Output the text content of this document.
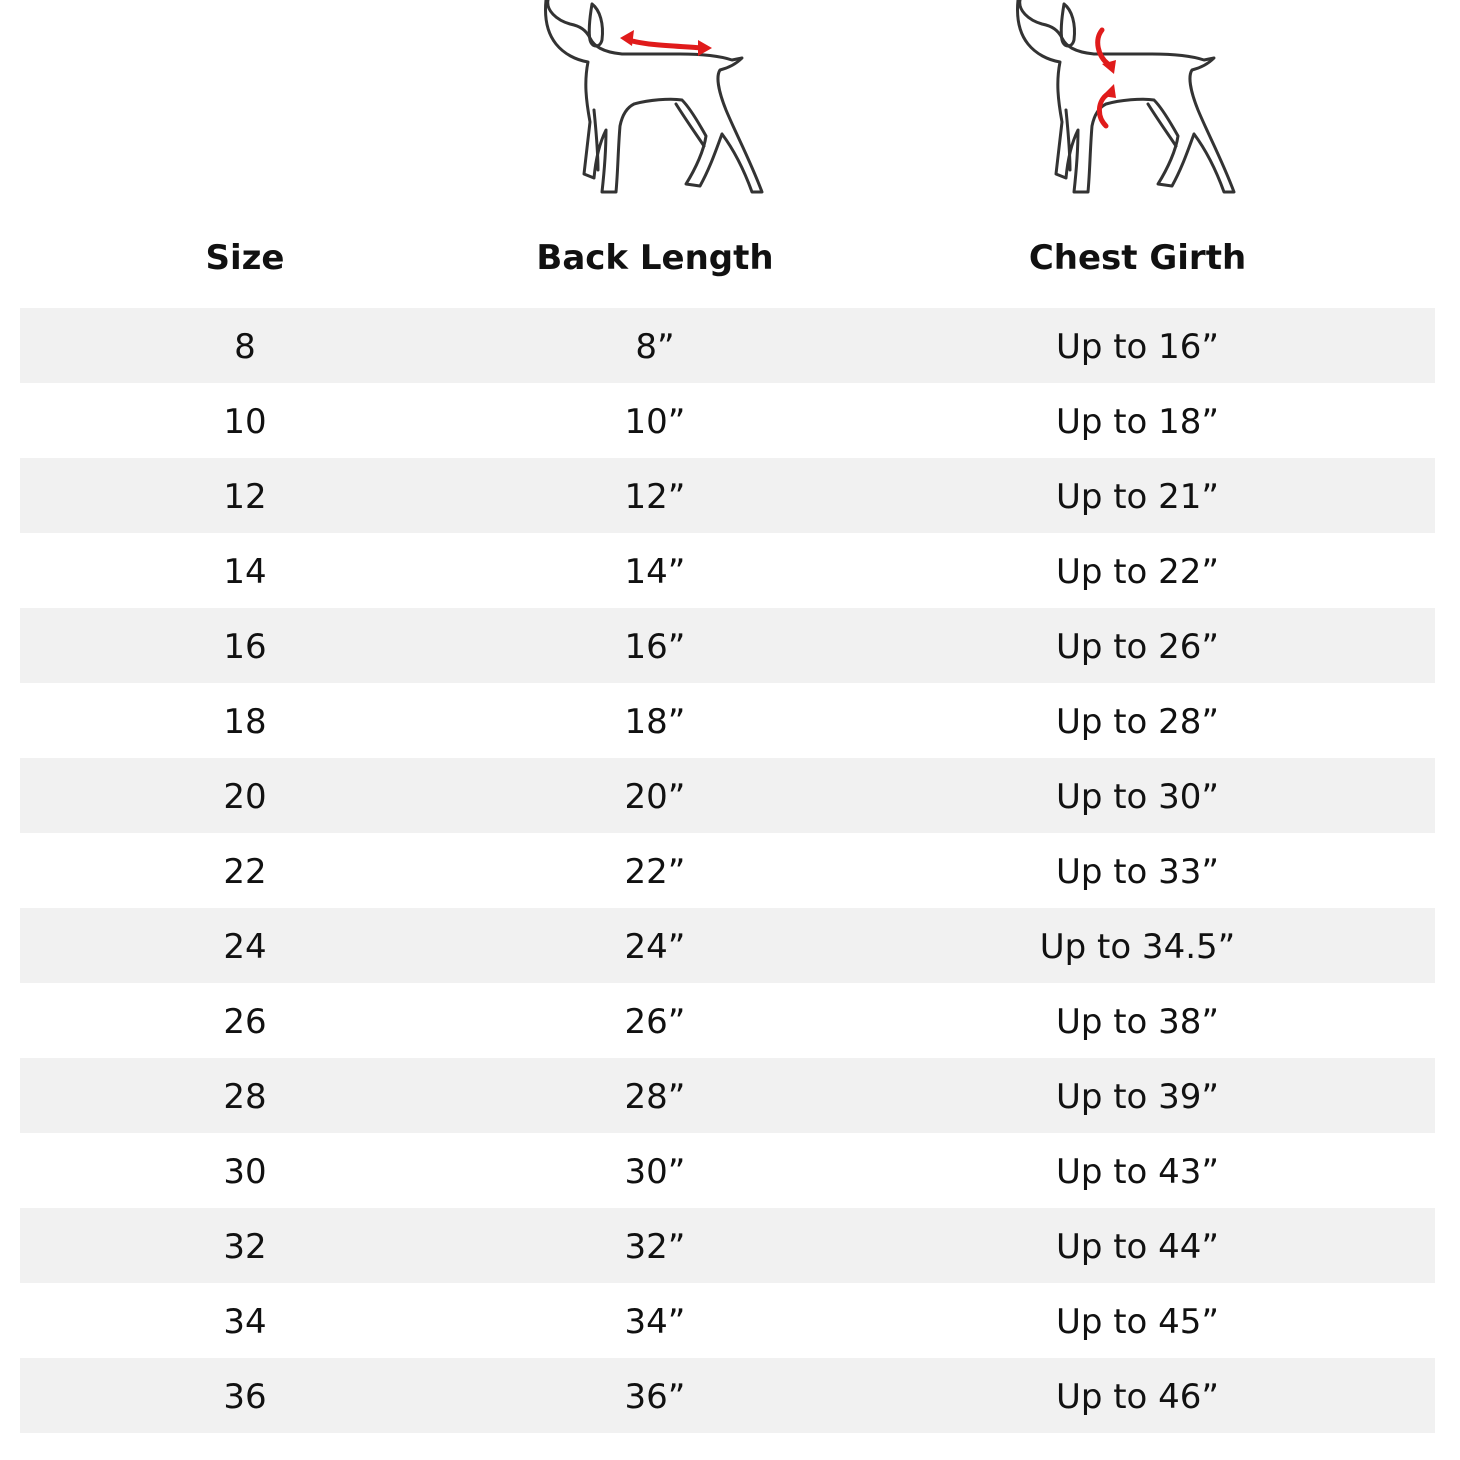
Size	Back Length	Chest Girth
8	8”	Up to 16”
10	10”	Up to 18”
12	12”	Up to 21”
14	14”	Up to 22”
16	16”	Up to 26”
18	18”	Up to 28”
20	20”	Up to 30”
22	22”	Up to 33”
24	24”	Up to 34.5”
26	26”	Up to 38”
28	28”	Up to 39”
30	30”	Up to 43”
32	32”	Up to 44”
34	34”	Up to 45”
36	36”	Up to 46”
